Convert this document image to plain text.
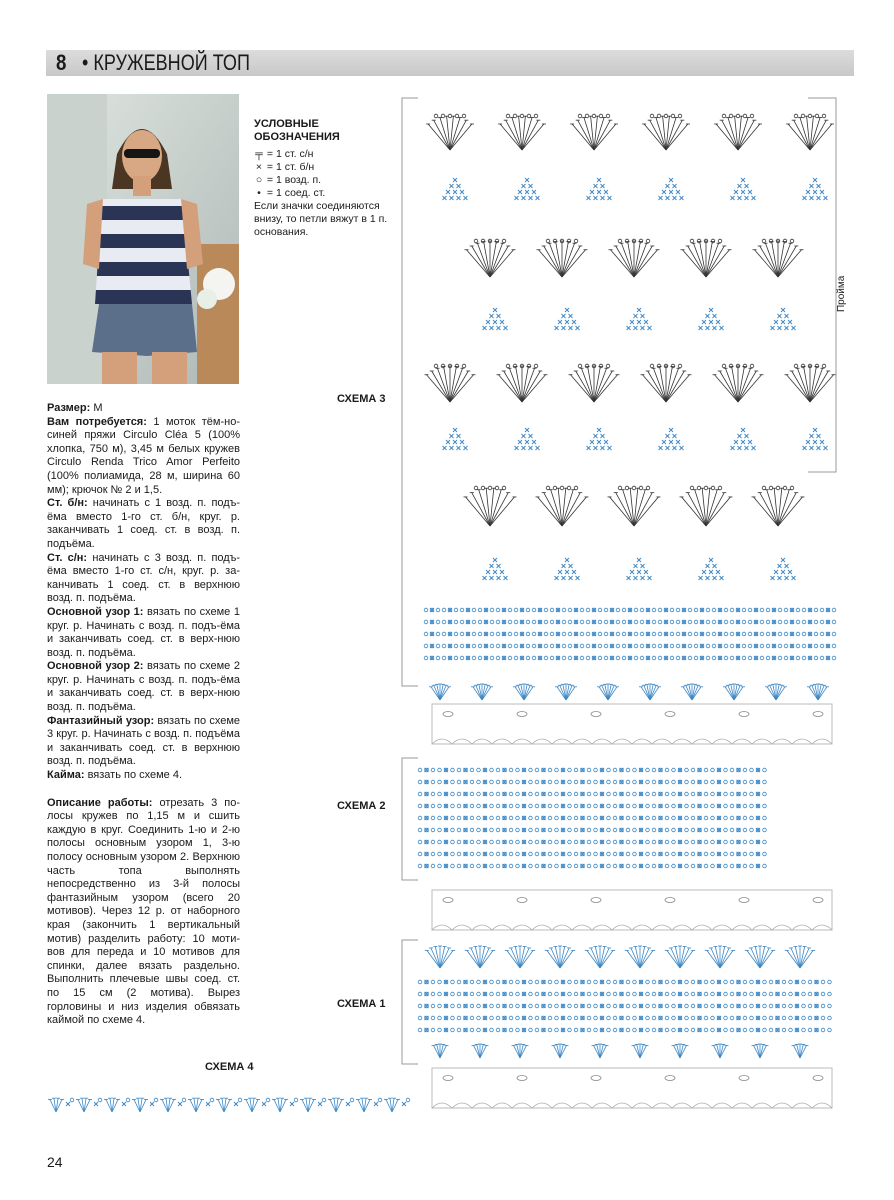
8 • КРУЖЕВНОЙ ТОП
УСЛОВНЫЕ
ОБОЗНАЧЕНИЯ
╤ = 1 ст. с/н
× = 1 ст. б/н
○ = 1 возд. п.
• = 1 соед. ст.
Если значки соединяются внизу, то петли вяжут в 1 п. основания.

Размер: M

Вам потребуется: 1 моток тём-но-синей пряжи Circulo Cléa 5 (100% хлопка, 750 м), 3,45 м белых кружев Circulo Renda Trico Amor Perfeito (100% полиамида, 28 м, ширина 60 мм); крючок № 2 и 1,5.

Ст. б/н: начинать с 1 возд. п. подъ-ёма вместо 1-го ст. б/н, круг. р. заканчивать 1 соед. ст. в возд. п. подъёма.

Ст. с/н: начинать с 3 возд. п. подъ-ёма вместо 1-го ст. с/н, круг. р. за-канчивать 1 соед. ст. в верхнюю возд. п. подъёма.

Основной узор 1: вязать по схеме 1 круг. р. Начинать с возд. п. подъ-ёма и заканчивать соед. ст. в верх-нюю возд. п. подъёма.

Основной узор 2: вязать по схеме 2 круг. р. Начинать с возд. п. подъ-ёма и заканчивать соед. ст. в верх-нюю возд. п. подъёма.

Фантазийный узор: вязать по схеме 3 круг. р. Начинать с возд. п. подъёма и заканчивать соед. ст. в верхнюю возд. п. подъёма.

Кайма: вязать по схеме 4.

Описание работы: отрезать 3 по-лосы кружев по 1,15 м и сшить каждую в круг. Соединить 1-ю и 2-ю полосы основным узором 1, 3-ю полосу основным узором 2. Верхнюю часть топа выполнять непосредственно из 3-й полосы фантазийным узором (всего 20 мотивов). Через 12 р. от наборного края (закончить 1 вертикальный мотив) разделить работу: 10 моти-вов для переда и 10 мотивов для спинки, далее вязать раздельно. Выполнить плечевые швы соед. ст. по 15 см (2 мотива). Вырез горловины и низ изделия обвязать каймой по схеме 4.

СХЕМА 3
СХЕМА 2
СХЕМА 1
СХЕМА 4
Пройма
24
